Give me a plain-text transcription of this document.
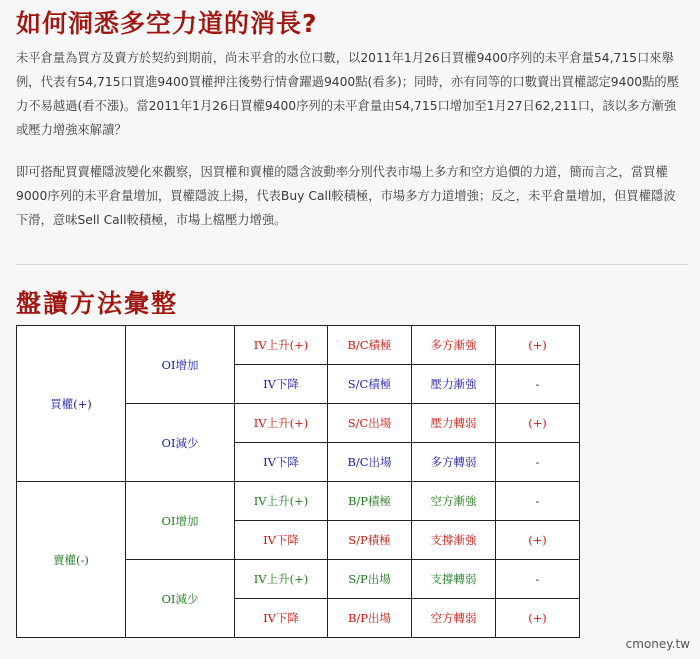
如何洞悉多空力道的消長?

未平倉量為買方及賣方於契約到期前，尚未平倉的水位口數，以2011年1月26日買權9400序列的未平倉量54,715口來舉例，代表有54,715口買進9400買權押注後勢行情會躍過9400點(看多)；同時，亦有同等的口數賣出買權認定9400點的壓力不易越過(看不漲)。當2011年1月26日買權9400序列的未平倉量由54,715口增加至1月27日62,211口，該以多方漸強或壓力增強來解讀？

即可搭配買賣權隱波變化來觀察，因買權和賣權的隱含波動率分別代表市場上多方和空方追價的力道，簡而言之，當買權9000序列的未平倉量增加，買權隱波上揚，代表Buy Call較積極，市場多方力道增強；反之，未平倉量增加，但買權隱波下滑，意味Sell Call較積極，市場上檔壓力增強。

盤讀方法彙整
買權(+)	OI增加	IV上升(+)	B/C積極	多方漸強	(+)
		IV下降	S/C積極	壓力漸強	-
	OI減少	IV上升(+)	S/C出場	壓力轉弱	(+)
		IV下降	B/C出場	多方轉弱	-
賣權(-)	OI增加	IV上升(+)	B/P積極	空方漸強	-
		IV下降	S/P積極	支撐漸強	(+)
	OI減少	IV上升(+)	S/P出場	支撐轉弱	-
		IV下降	B/P出場	空方轉弱	(+)
cmoney.tw
